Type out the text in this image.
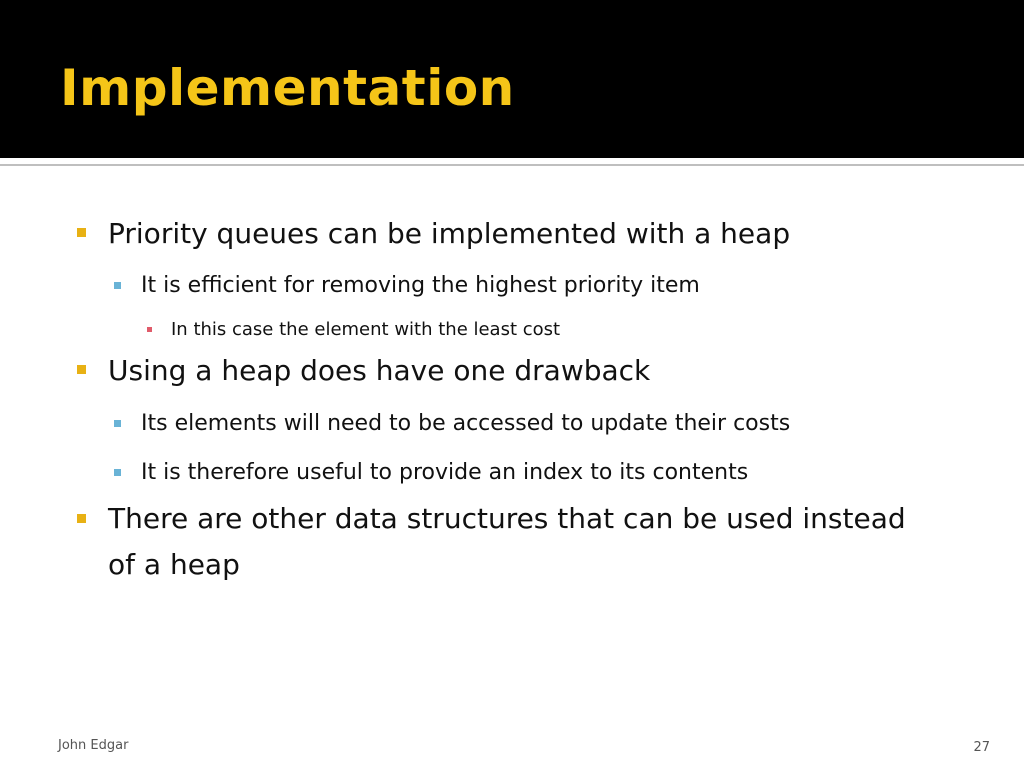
Implementation
Priority queues can be implemented with a heap
It is efficient for removing the highest priority item
In this case the element with the least cost
Using a heap does have one drawback
Its elements will need to be accessed to update their costs
It is therefore useful to provide an index to its contents
There are other data structures that can be used instead of a heap
John Edgar	27
